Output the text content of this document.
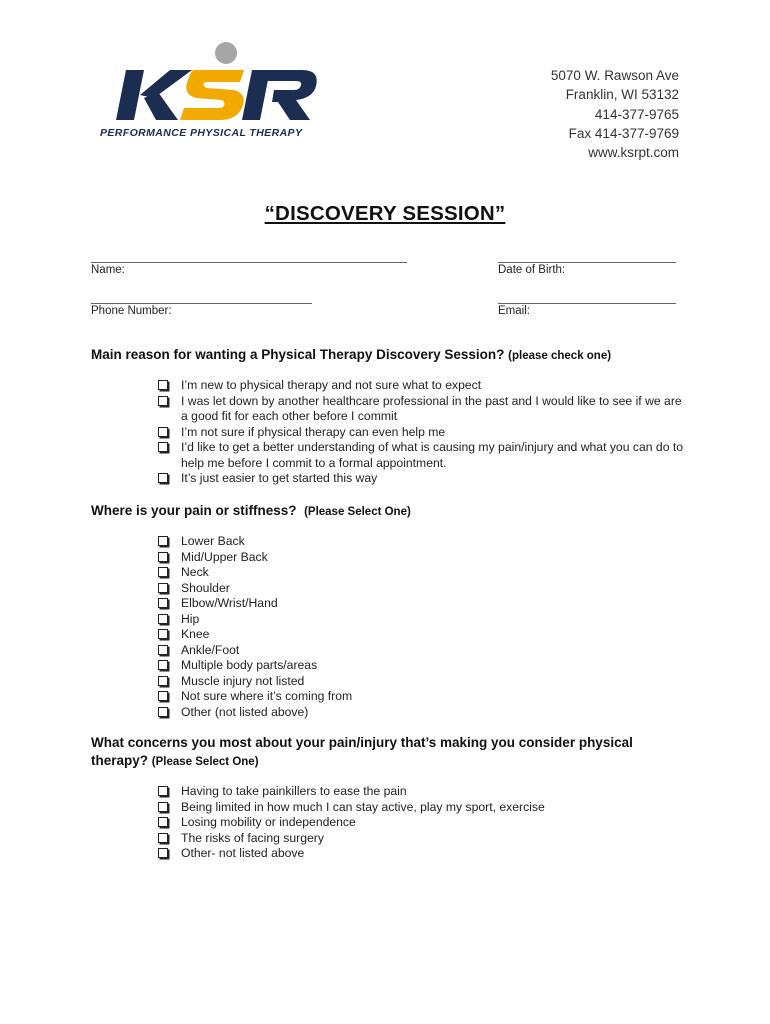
PERFORMANCE PHYSICAL THERAPY
5070 W. Rawson Ave
Franklin, WI 53132
414-377-9765
Fax 414-377-9769
www.ksrpt.com
“DISCOVERY SESSION”
Name:	Date of Birth:
Phone Number:	Email:
Main reason for wanting a Physical Therapy Discovery Session? (please check one)
I’m new to physical therapy and not sure what to expect
I was let down by another healthcare professional in the past and I would like to see if we are a good fit for each other before I commit
I’m not sure if physical therapy can even help me
I’d like to get a better understanding of what is causing my pain/injury and what you can do to help me before I commit to a formal appointment.
It’s just easier to get started this way
Where is your pain or stiffness? (Please Select One)
Lower Back
Mid/Upper Back
Neck
Shoulder
Elbow/Wrist/Hand
Hip
Knee
Ankle/Foot
Multiple body parts/areas
Muscle injury not listed
Not sure where it’s coming from
Other (not listed above)
What concerns you most about your pain/injury that’s making you consider physical therapy? (Please Select One)
Having to take painkillers to ease the pain
Being limited in how much I can stay active, play my sport, exercise
Losing mobility or independence
The risks of facing surgery
Other- not listed above
